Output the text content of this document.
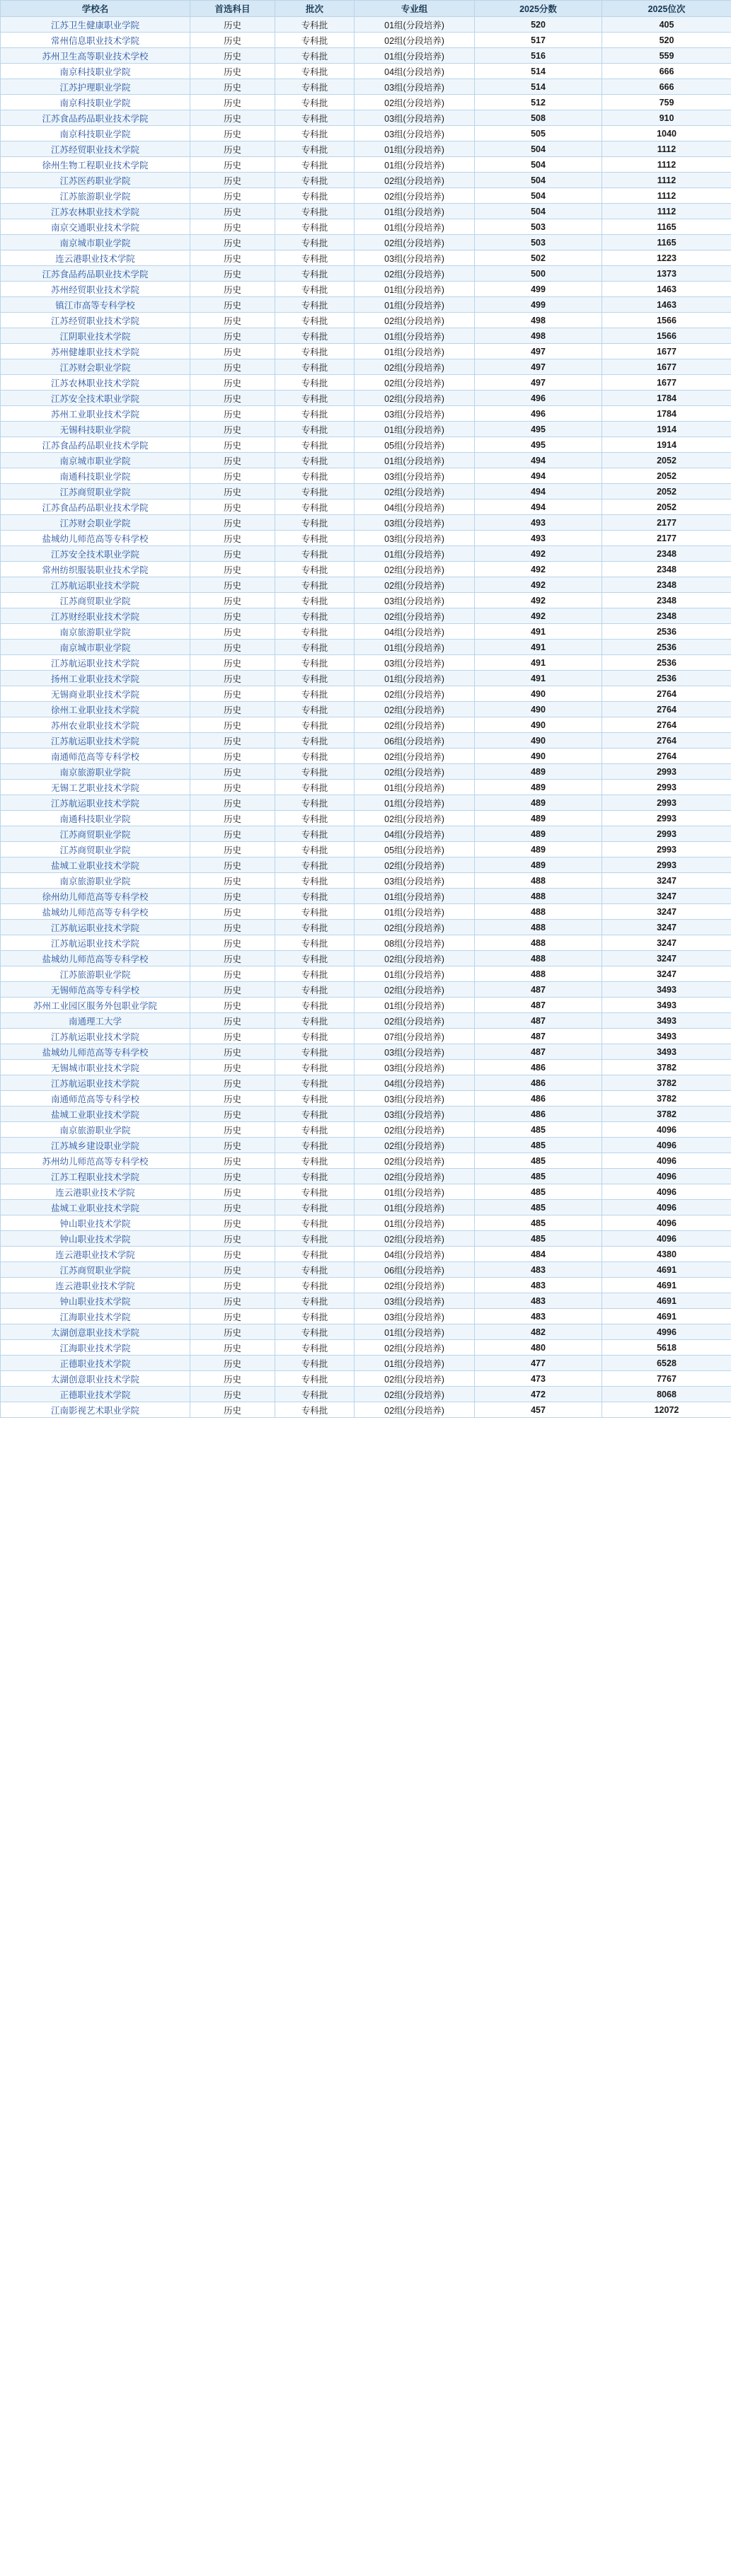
学校名	首选科目	批次	专业组	2025分数	2025位次
江苏卫生健康职业学院	历史	专科批	01组(分段培养)	520	405
常州信息职业技术学院	历史	专科批	02组(分段培养)	517	520
苏州卫生高等职业技术学校	历史	专科批	01组(分段培养)	516	559
南京科技职业学院	历史	专科批	04组(分段培养)	514	666
江苏护理职业学院	历史	专科批	03组(分段培养)	514	666
南京科技职业学院	历史	专科批	02组(分段培养)	512	759
江苏食品药品职业技术学院	历史	专科批	03组(分段培养)	508	910
南京科技职业学院	历史	专科批	03组(分段培养)	505	1040
江苏经贸职业技术学院	历史	专科批	01组(分段培养)	504	1112
徐州生物工程职业技术学院	历史	专科批	01组(分段培养)	504	1112
江苏医药职业学院	历史	专科批	02组(分段培养)	504	1112
江苏旅游职业学院	历史	专科批	02组(分段培养)	504	1112
江苏农林职业技术学院	历史	专科批	01组(分段培养)	504	1112
南京交通职业技术学院	历史	专科批	01组(分段培养)	503	1165
南京城市职业学院	历史	专科批	02组(分段培养)	503	1165
连云港职业技术学院	历史	专科批	03组(分段培养)	502	1223
江苏食品药品职业技术学院	历史	专科批	02组(分段培养)	500	1373
苏州经贸职业技术学院	历史	专科批	01组(分段培养)	499	1463
镇江市高等专科学校	历史	专科批	01组(分段培养)	499	1463
江苏经贸职业技术学院	历史	专科批	02组(分段培养)	498	1566
江阴职业技术学院	历史	专科批	01组(分段培养)	498	1566
苏州健雄职业技术学院	历史	专科批	01组(分段培养)	497	1677
江苏财会职业学院	历史	专科批	02组(分段培养)	497	1677
江苏农林职业技术学院	历史	专科批	02组(分段培养)	497	1677
江苏安全技术职业学院	历史	专科批	02组(分段培养)	496	1784
苏州工业职业技术学院	历史	专科批	03组(分段培养)	496	1784
无锡科技职业学院	历史	专科批	01组(分段培养)	495	1914
江苏食品药品职业技术学院	历史	专科批	05组(分段培养)	495	1914
南京城市职业学院	历史	专科批	01组(分段培养)	494	2052
南通科技职业学院	历史	专科批	03组(分段培养)	494	2052
江苏商贸职业学院	历史	专科批	02组(分段培养)	494	2052
江苏食品药品职业技术学院	历史	专科批	04组(分段培养)	494	2052
江苏财会职业学院	历史	专科批	03组(分段培养)	493	2177
盐城幼儿师范高等专科学校	历史	专科批	03组(分段培养)	493	2177
江苏安全技术职业学院	历史	专科批	01组(分段培养)	492	2348
常州纺织服装职业技术学院	历史	专科批	02组(分段培养)	492	2348
江苏航运职业技术学院	历史	专科批	02组(分段培养)	492	2348
江苏商贸职业学院	历史	专科批	03组(分段培养)	492	2348
江苏财经职业技术学院	历史	专科批	02组(分段培养)	492	2348
南京旅游职业学院	历史	专科批	04组(分段培养)	491	2536
南京城市职业学院	历史	专科批	01组(分段培养)	491	2536
江苏航运职业技术学院	历史	专科批	03组(分段培养)	491	2536
扬州工业职业技术学院	历史	专科批	01组(分段培养)	491	2536
无锡商业职业技术学院	历史	专科批	02组(分段培养)	490	2764
徐州工业职业技术学院	历史	专科批	02组(分段培养)	490	2764
苏州农业职业技术学院	历史	专科批	02组(分段培养)	490	2764
江苏航运职业技术学院	历史	专科批	06组(分段培养)	490	2764
南通师范高等专科学校	历史	专科批	02组(分段培养)	490	2764
南京旅游职业学院	历史	专科批	02组(分段培养)	489	2993
无锡工艺职业技术学院	历史	专科批	01组(分段培养)	489	2993
江苏航运职业技术学院	历史	专科批	01组(分段培养)	489	2993
南通科技职业学院	历史	专科批	02组(分段培养)	489	2993
江苏商贸职业学院	历史	专科批	04组(分段培养)	489	2993
江苏商贸职业学院	历史	专科批	05组(分段培养)	489	2993
盐城工业职业技术学院	历史	专科批	02组(分段培养)	489	2993
南京旅游职业学院	历史	专科批	03组(分段培养)	488	3247
徐州幼儿师范高等专科学校	历史	专科批	01组(分段培养)	488	3247
盐城幼儿师范高等专科学校	历史	专科批	01组(分段培养)	488	3247
江苏航运职业技术学院	历史	专科批	02组(分段培养)	488	3247
江苏航运职业技术学院	历史	专科批	08组(分段培养)	488	3247
盐城幼儿师范高等专科学校	历史	专科批	02组(分段培养)	488	3247
江苏旅游职业学院	历史	专科批	01组(分段培养)	488	3247
无锡师范高等专科学校	历史	专科批	02组(分段培养)	487	3493
苏州工业园区服务外包职业学院	历史	专科批	01组(分段培养)	487	3493
南通理工大学	历史	专科批	02组(分段培养)	487	3493
江苏航运职业技术学院	历史	专科批	07组(分段培养)	487	3493
盐城幼儿师范高等专科学校	历史	专科批	03组(分段培养)	487	3493
无锡城市职业技术学院	历史	专科批	03组(分段培养)	486	3782
江苏航运职业技术学院	历史	专科批	04组(分段培养)	486	3782
南通师范高等专科学校	历史	专科批	03组(分段培养)	486	3782
盐城工业职业技术学院	历史	专科批	03组(分段培养)	486	3782
南京旅游职业学院	历史	专科批	02组(分段培养)	485	4096
江苏城乡建设职业学院	历史	专科批	02组(分段培养)	485	4096
苏州幼儿师范高等专科学校	历史	专科批	02组(分段培养)	485	4096
江苏工程职业技术学院	历史	专科批	02组(分段培养)	485	4096
连云港职业技术学院	历史	专科批	01组(分段培养)	485	4096
盐城工业职业技术学院	历史	专科批	01组(分段培养)	485	4096
钟山职业技术学院	历史	专科批	01组(分段培养)	485	4096
钟山职业技术学院	历史	专科批	02组(分段培养)	485	4096
连云港职业技术学院	历史	专科批	04组(分段培养)	484	4380
江苏商贸职业学院	历史	专科批	06组(分段培养)	483	4691
连云港职业技术学院	历史	专科批	02组(分段培养)	483	4691
钟山职业技术学院	历史	专科批	03组(分段培养)	483	4691
江海职业技术学院	历史	专科批	03组(分段培养)	483	4691
太湖创意职业技术学院	历史	专科批	01组(分段培养)	482	4996
江海职业技术学院	历史	专科批	02组(分段培养)	480	5618
正德职业技术学院	历史	专科批	01组(分段培养)	477	6528
太湖创意职业技术学院	历史	专科批	02组(分段培养)	473	7767
正德职业技术学院	历史	专科批	02组(分段培养)	472	8068
江南影视艺术职业学院	历史	专科批	02组(分段培养)	457	12072
